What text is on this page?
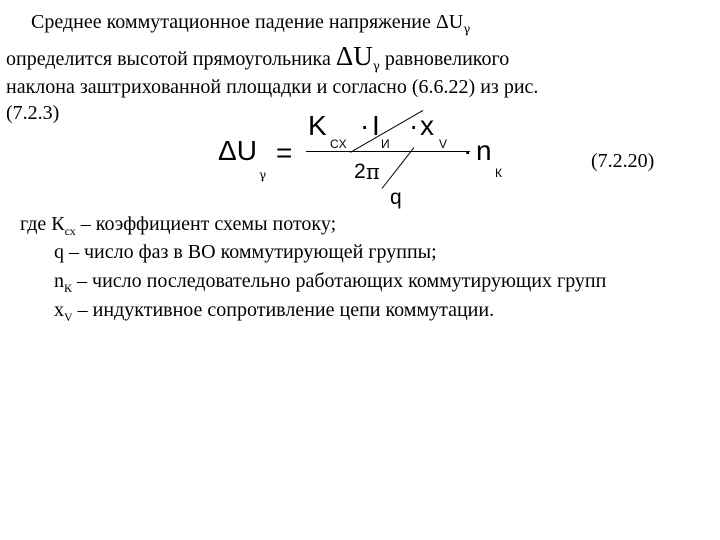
Среднее коммутационное падение напряжение $\Delta U_\gamma$
определится высотой прямоугольника $\Delta U_\gamma$ равновеликого
наклона заштрихованной площадки и согласно (6.6.22) из рис.
(7.2.3)
ΔU
γ
=
K
CX
· I
И
· x
V
2 π
q
· n
К
(7.2.20)
где $К_{сх}$ – коэффициент схемы потоку;
q – число фаз в ВО коммутирующей группы;
$n_К$ – число последовательно работающих коммутирующих групп
$x_V$ – индуктивное сопротивление цепи коммутации.
